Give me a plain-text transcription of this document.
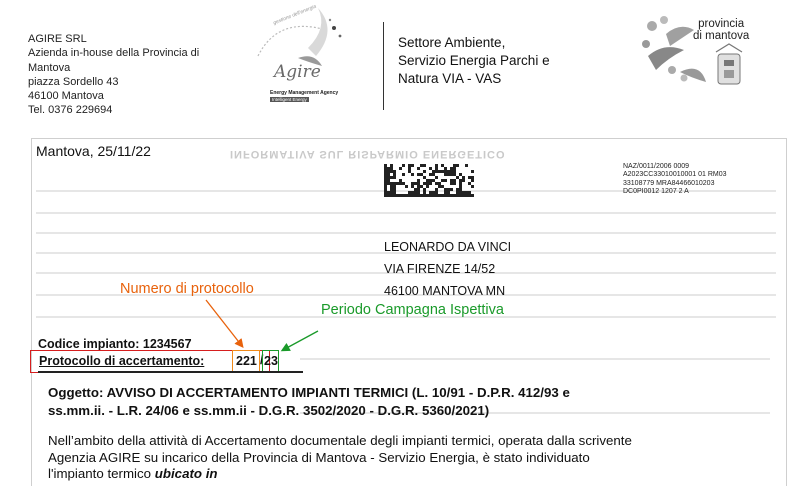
AGIRE SRL
Azienda in-house della Provincia di
Mantova
piazza Sordello 43
46100 Mantova
Tel. 0376 229694
gestione dell'energia
Agire
Energy Management Agency
Intelligent Energy
Settore Ambiente,
Servizio Energia Parchi e
Natura VIA - VAS
provincia
di mantova
INFORMATIVA SUL RISPARMIO ENERGETICO
Mantova, 25/11/22
NAZ/0011/2006 0009
A2023CC33010010001 01 RM03
33108779 MRA84466010203
DC0PI0012 1207 2 A
LEONARDO DA VINCI
VIA FIRENZE 14/52
46100 MANTOVA MN
Numero di protocollo
Periodo Campagna Ispettiva
Codice impianto: 1234567
Protocollo di accertamento:	221 / 23
Oggetto: AVVISO DI ACCERTAMENTO IMPIANTI TERMICI (L. 10/91 - D.P.R. 412/93 e
ss.mm.ii. - L.R. 24/06 e ss.mm.ii - D.G.R. 3502/2020 - D.G.R. 5360/2021)
Nell’ambito della attività di Accertamento documentale degli impianti termici, operata dalla scrivente
Agenzia AGIRE su incarico della Provincia di Mantova - Servizio Energia, è stato individuato
l'impianto termico ubicato in
